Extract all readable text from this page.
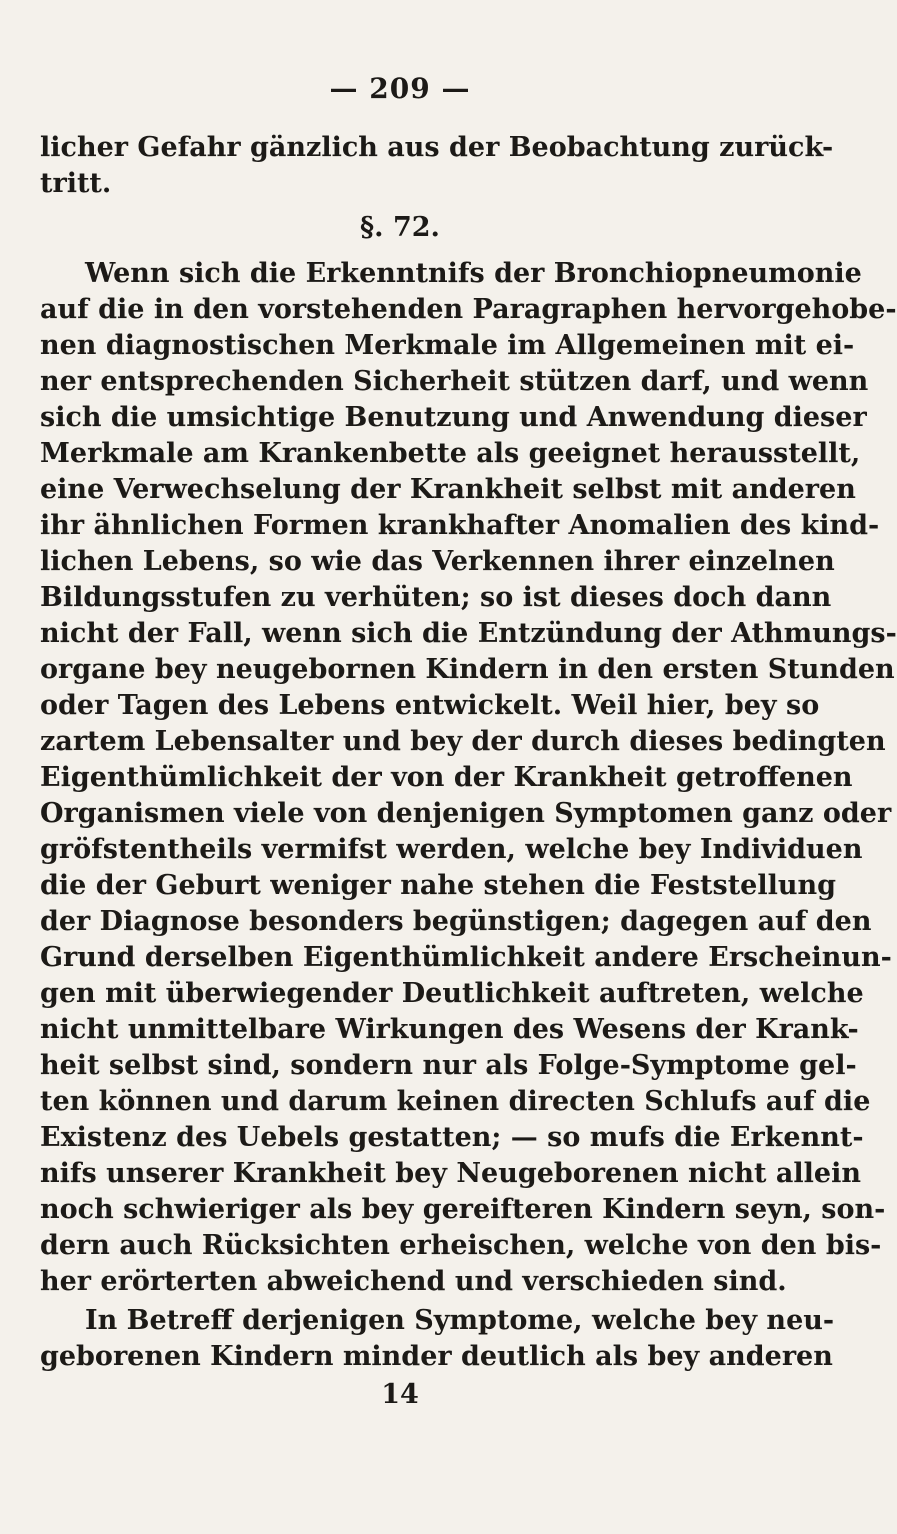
— 209 —
licher Gefahr gänzlich aus der Beobachtung zurück-
tritt.
§. 72.
Wenn sich die Erkenntnifs der Bronchiopneumonie
auf die in den vorstehenden Paragraphen hervorgehobe-
nen diagnostischen Merkmale im Allgemeinen mit ei-
ner entsprechenden Sicherheit stützen darf, und wenn
sich die umsichtige Benutzung und Anwendung dieser
Merkmale am Krankenbette als geeignet herausstellt,
eine Verwechselung der Krankheit selbst mit anderen
ihr ähnlichen Formen krankhafter Anomalien des kind-
lichen Lebens, so wie das Verkennen ihrer einzelnen
Bildungsstufen zu verhüten; so ist dieses doch dann
nicht der Fall, wenn sich die Entzündung der Athmungs-
organe bey neugebornen Kindern in den ersten Stunden
oder Tagen des Lebens entwickelt. Weil hier, bey so
zartem Lebensalter und bey der durch dieses bedingten
Eigenthümlichkeit der von der Krankheit getroffenen
Organismen viele von denjenigen Symptomen ganz oder
gröfstentheils vermifst werden, welche bey Individuen
die der Geburt weniger nahe stehen die Feststellung
der Diagnose besonders begünstigen; dagegen auf den
Grund derselben Eigenthümlichkeit andere Erscheinun-
gen mit überwiegender Deutlichkeit auftreten, welche
nicht unmittelbare Wirkungen des Wesens der Krank-
heit selbst sind, sondern nur als Folge-Symptome gel-
ten können und darum keinen directen Schlufs auf die
Existenz des Uebels gestatten; — so mufs die Erkennt-
nifs unserer Krankheit bey Neugeborenen nicht allein
noch schwieriger als bey gereifteren Kindern seyn, son-
dern auch Rücksichten erheischen, welche von den bis-
her erörterten abweichend und verschieden sind.
In Betreff derjenigen Symptome, welche bey neu-
geborenen Kindern minder deutlich als bey anderen
14
